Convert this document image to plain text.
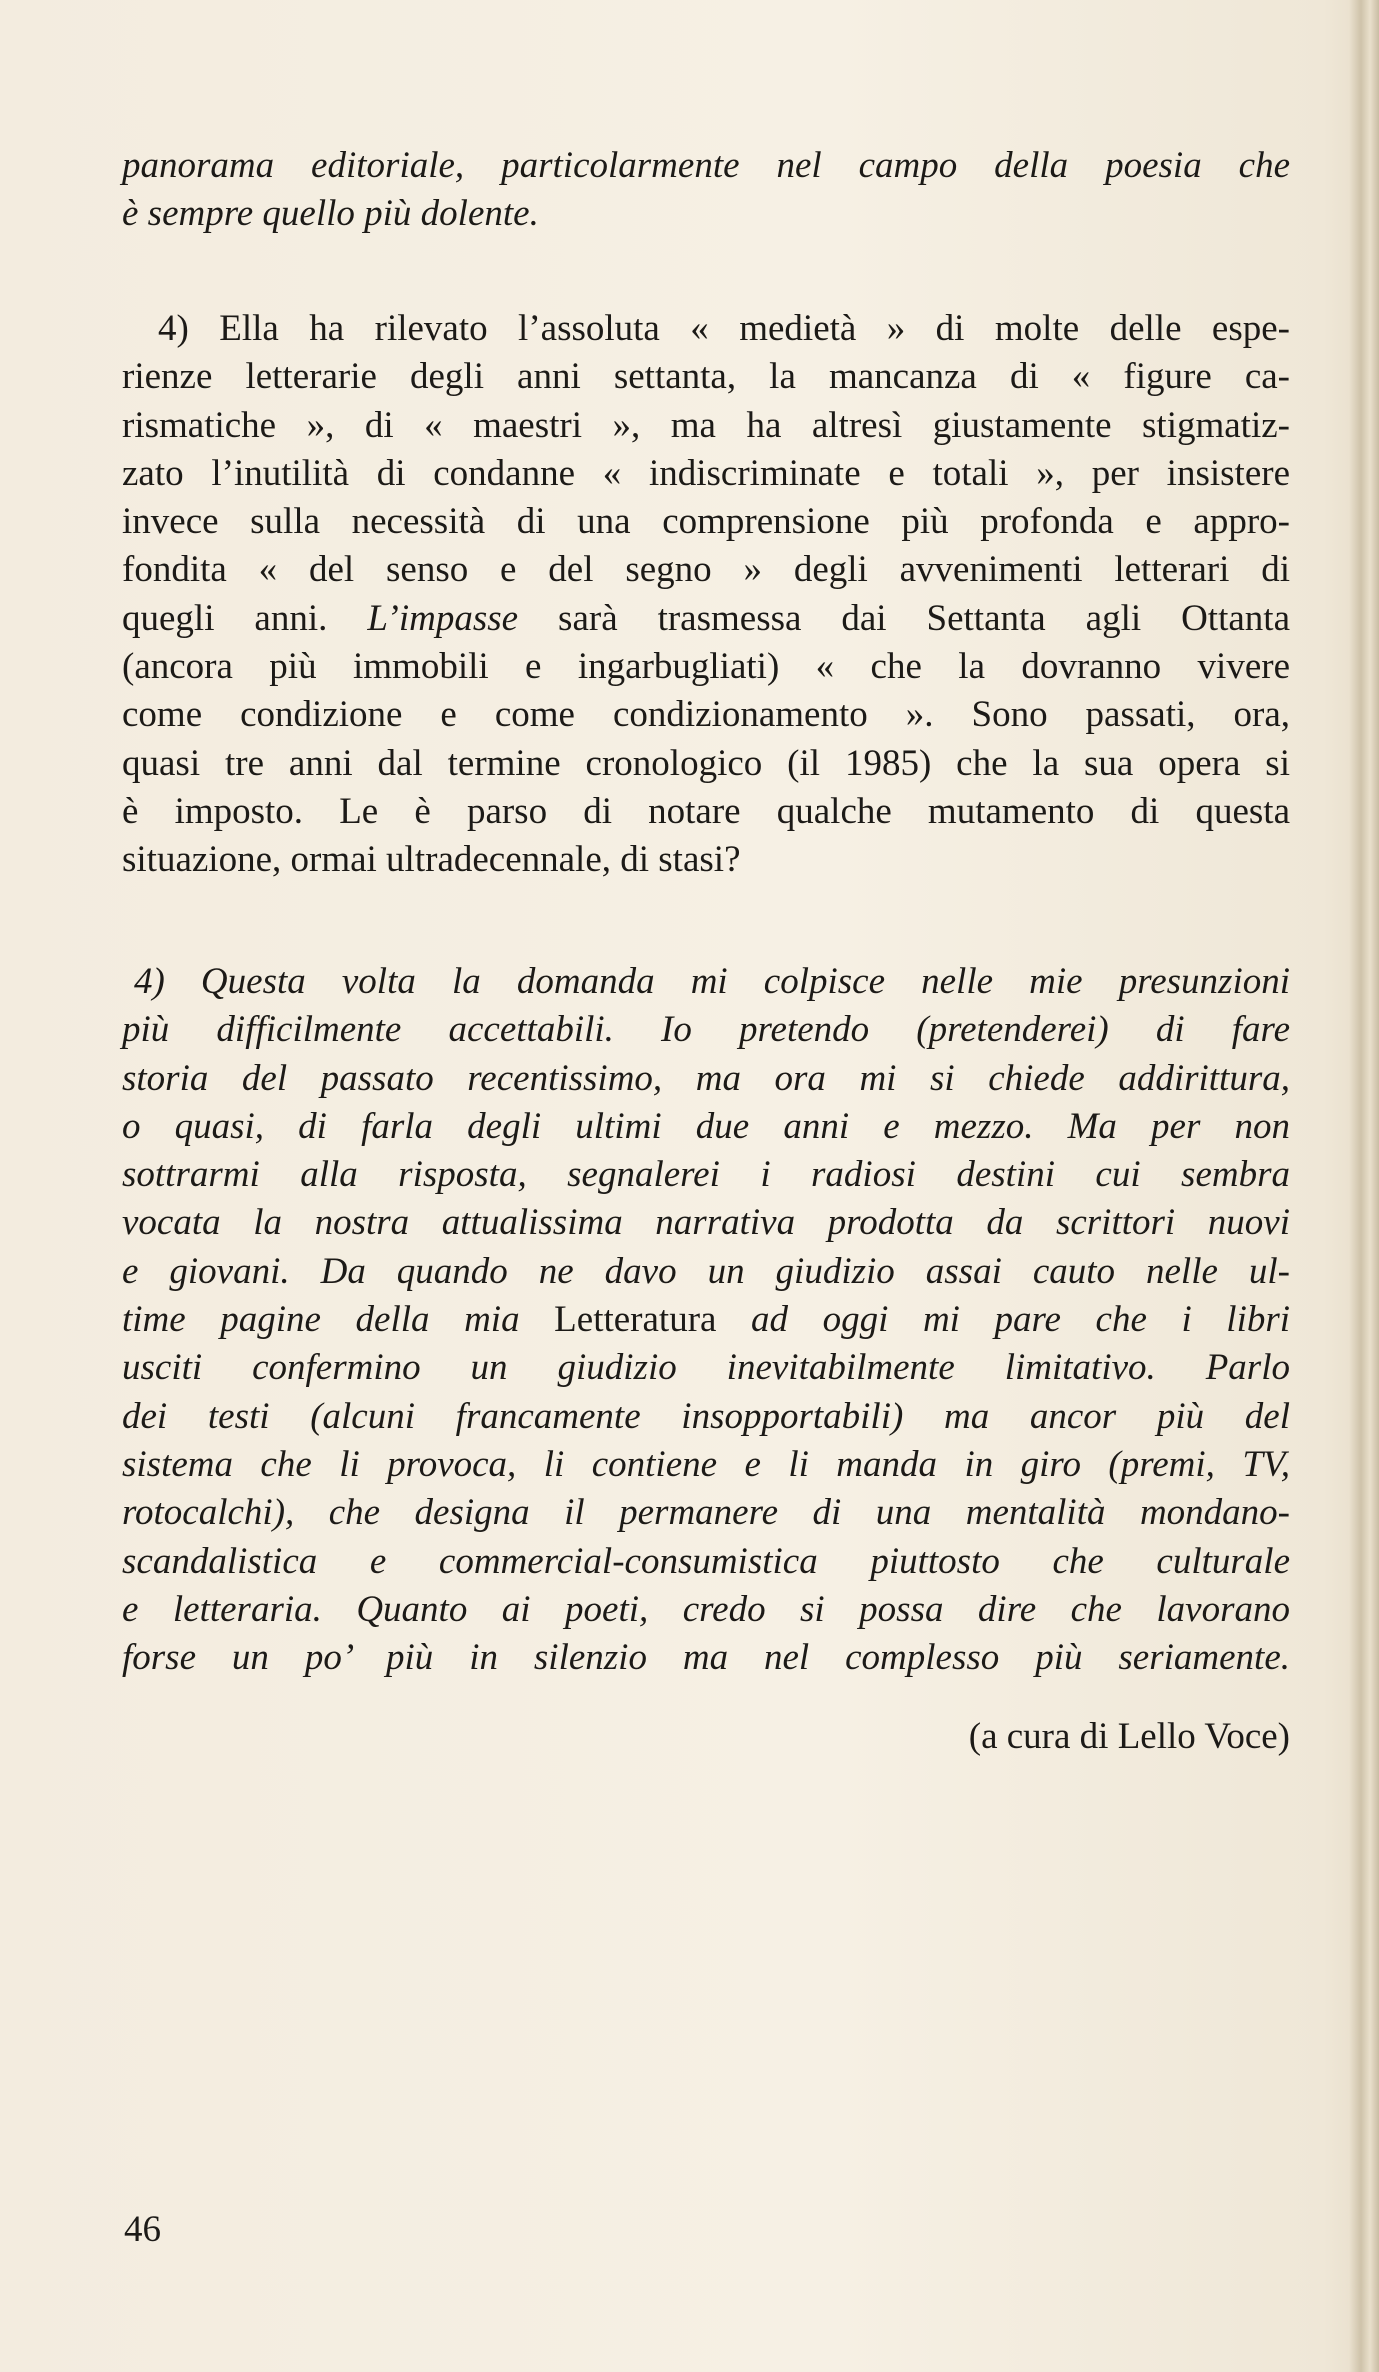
panorama editoriale, particolarmente nel campo della poesia che
è sempre quello più dolente.
4) Ella ha rilevato l’assoluta « medietà » di molte delle espe-
rienze letterarie degli anni settanta, la mancanza di « figure ca-
rismatiche », di « maestri », ma ha altresì giustamente stigmatiz-
zato l’inutilità di condanne « indiscriminate e totali », per insistere
invece sulla necessità di una comprensione più profonda e appro-
fondita « del senso e del segno » degli avvenimenti letterari di
quegli anni. L’impasse sarà trasmessa dai Settanta agli Ottanta
(ancora più immobili e ingarbugliati) « che la dovranno vivere
come condizione e come condizionamento ». Sono passati, ora,
quasi tre anni dal termine cronologico (il 1985) che la sua opera si
è imposto. Le è parso di notare qualche mutamento di questa
situazione, ormai ultradecennale, di stasi?
4) Questa volta la domanda mi colpisce nelle mie presunzioni
più difficilmente accettabili. Io pretendo (pretenderei) di fare
storia del passato recentissimo, ma ora mi si chiede addirittura,
o quasi, di farla degli ultimi due anni e mezzo. Ma per non
sottrarmi alla risposta, segnalerei i radiosi destini cui sembra
vocata la nostra attualissima narrativa prodotta da scrittori nuovi
e giovani. Da quando ne davo un giudizio assai cauto nelle ul-
time pagine della mia Letteratura ad oggi mi pare che i libri
usciti confermino un giudizio inevitabilmente limitativo. Parlo
dei testi (alcuni francamente insopportabili) ma ancor più del
sistema che li provoca, li contiene e li manda in giro (premi, TV,
rotocalchi), che designa il permanere di una mentalità mondano-
scandalistica e commercial-consumistica piuttosto che culturale
e letteraria. Quanto ai poeti, credo si possa dire che lavorano
forse un po’ più in silenzio ma nel complesso più seriamente.
(a cura di Lello Voce)
46
